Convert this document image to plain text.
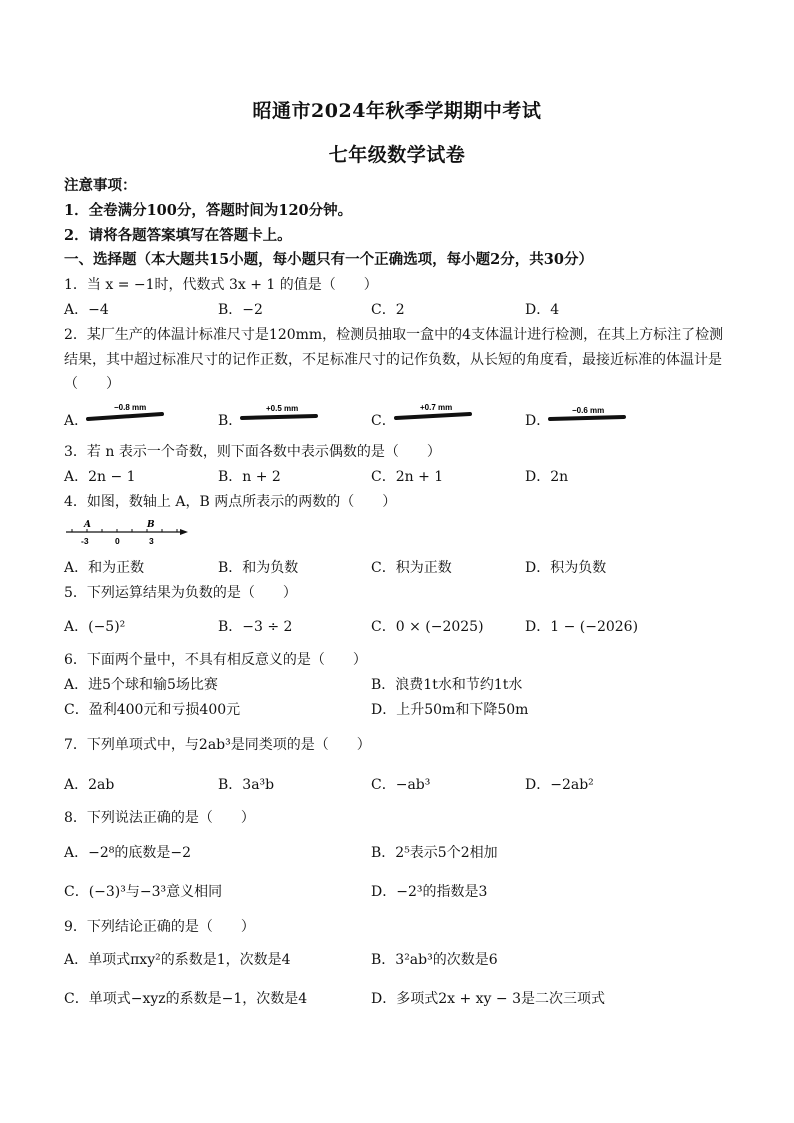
昭通市2024年秋季学期期中考试
七年级数学试卷
注意事项：
1．全卷满分100分，答题时间为120分钟。
2．请将各题答案填写在答题卡上。
一、选择题（本大题共15小题，每小题只有一个正确选项，每小题2分，共30分）
1．当 x = −1时，代数式 3x + 1 的值是（　　）
A．−4	B．−2	C．2	D．4
2．某厂生产的体温计标准尺寸是120mm，检测员抽取一盒中的4支体温计进行检测，在其上方标注了检测
结果，其中超过标准尺寸的记作正数，不足标准尺寸的记作负数，从长短的角度看，最接近标准的体温计是
（　　）
A．	B．	C．	D．
−0.8 mm	+0.5 mm	+0.7 mm	−0.6 mm
3．若 n 表示一个奇数，则下面各数中表示偶数的是（　　）
A．2n − 1	B．n + 2	C．2n + 1	D．2n
4．如图，数轴上 A，B 两点所表示的两数的（　　）
A	B
-3	0	3
A．和为正数	B．和为负数	C．积为正数	D．积为负数
5．下列运算结果为负数的是（　　）
A．(−5)²	B．−3 ÷ 2	C．0 × (−2025)	D．1 − (−2026)
6．下面两个量中，不具有相反意义的是（　　）
A．进5个球和输5场比赛	B．浪费1t水和节约1t水
C．盈利400元和亏损400元	D．上升50m和下降50m
7．下列单项式中，与2ab³是同类项的是（　　）
A．2ab	B．3a³b	C．−ab³	D．−2ab²
8．下列说法正确的是（　　）
A．−2⁸的底数是−2	B．2⁵表示5个2相加
C．(−3)³与−3³意义相同	D．−2³的指数是3
9．下列结论正确的是（　　）
A．单项式πxy²的系数是1，次数是4	B．3²ab³的次数是6
C．单项式−xyz的系数是−1，次数是4	D．多项式2x + xy − 3是二次三项式
